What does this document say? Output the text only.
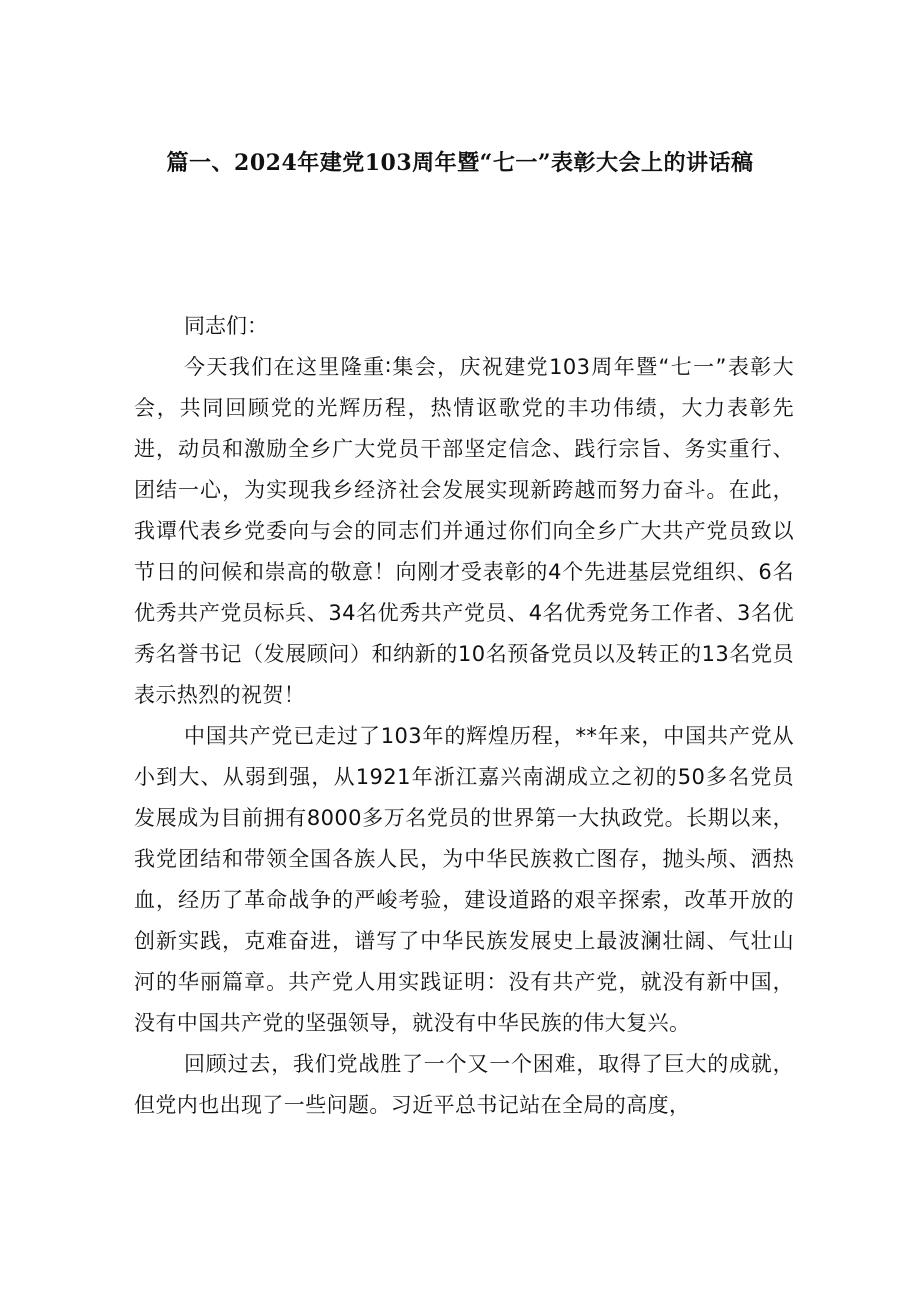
篇一、2024年建党103周年暨“七一”表彰大会上的讲话稿

同志们：

今天我们在这里隆重∶集会，庆祝建党103周年暨“七一”表彰大会，共同回顾党的光辉历程，热情讴歌党的丰功伟绩，大力表彰先进，动员和激励全乡广大党员干部坚定信念、践行宗旨、务实重行、团结一心，为实现我乡经济社会发展实现新跨越而努力奋斗。在此，我谭代表乡党委向与会的同志们并通过你们向全乡广大共产党员致以节日的问候和崇高的敬意！向刚才受表彰的4个先进基层党组织、6名优秀共产党员标兵、34名优秀共产党员、4名优秀党务工作者、3名优秀名誉书记（发展顾问）和纳新的10名预备党员以及转正的13名党员表示热烈的祝贺！

中国共产党已走过了103年的辉煌历程，**年来，中国共产党从小到大、从弱到强，从1921年浙江嘉兴南湖成立之初的50多名党员发展成为目前拥有8000多万名党员的世界第一大执政党。长期以来，我党团结和带领全国各族人民，为中华民族救亡图存，抛头颅、洒热血，经历了革命战争的严峻考验，建设道路的艰辛探索，改革开放的创新实践，克难奋进，谱写了中华民族发展史上最波澜壮阔、气壮山河的华丽篇章。共产党人用实践证明：没有共产党，就没有新中国，没有中国共产党的坚强领导，就没有中华民族的伟大复兴。

回顾过去，我们党战胜了一个又一个困难，取得了巨大的成就，但党内也出现了一些问题。习近平总书记站在全局的高度，
